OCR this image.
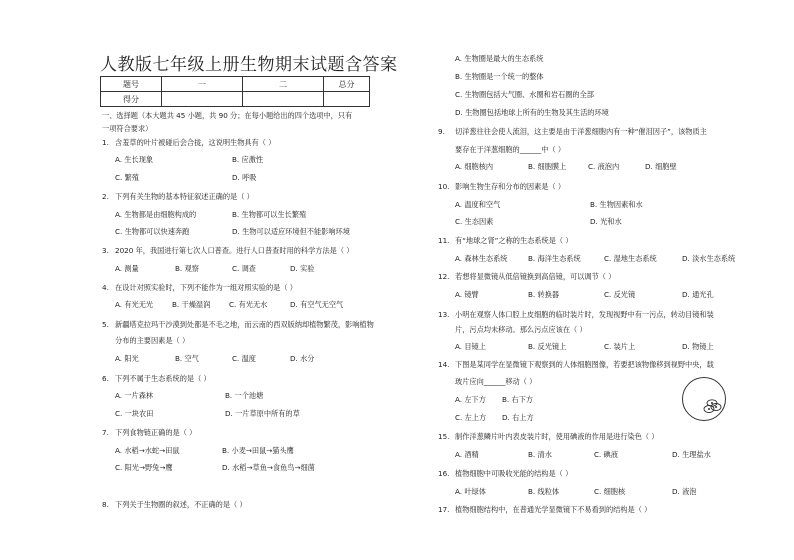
人教版七年级上册生物期末试题含答案
题号	一	二	总分
得分			
一、选择题（本大题共 45 小题，共 90 分；在每小题给出的四个选项中，只有
一项符合要求）
1. 含羞草的叶片被碰后会合拢，这说明生物具有（ ）
A. 生长现象	B. 应激性
C. 繁殖	D. 呼吸
2. 下列有关生物的基本特征叙述正确的是（ ）
A. 生物都是由细胞构成的	B. 生物都可以生长繁殖
C. 生物都可以快速奔跑	D. 生物可以适应环境但不能影响环境
3. 2020 年，我国进行第七次人口普查。进行人口普查时用的科学方法是（ ）
A. 测量	B. 观察	C. 调查	D. 实验
4. 在设计对照实验时，下列不能作为一组对照实验的是（ ）
A. 有光无光	B. 干燥湿润	C. 有光无水	D. 有空气无空气
5. 新疆塔克拉玛干沙漠到处都是不毛之地，而云南的西双版纳却植物繁茂，影响植物
分布的主要因素是（ ）
A. 阳光	B. 空气	C. 温度	D. 水分
6. 下列不属于生态系统的是（ ）
A. 一片森林	B. 一个池塘
C. 一块农田	D. 一片草原中所有的草
7. 下列食物链正确的是（ ）
A. 水稻→水蛇→田鼠	B. 小麦→田鼠→猫头鹰
C. 阳光→野兔→鹰	D. 水稻→草鱼→食鱼鸟→细菌
8. 下列关于生物圈的叙述，不正确的是（ ）
A. 生物圈是最大的生态系统
B. 生物圈是一个统一的整体
C. 生物圈包括大气圈、水圈和岩石圈的全部
D. 生物圈包括地球上所有的生物及其生活的环境
9. 切洋葱往往会使人流泪，这主要是由于洋葱细胞内有一种“催泪因子”，该物质主
要存在于洋葱细胞的______中（ ）
A. 细胞核内	B. 细胞膜上	C. 液泡内	D. 细胞壁
10. 影响生物生存和分布的因素是（ ）
A. 温度和空气	B. 生物因素和水
C. 生态因素	D. 光和水
11. 有“地球之肾”之称的生态系统是（ ）
A. 森林生态系统	B. 海洋生态系统	C. 湿地生态系统	D. 淡水生态系统
12. 若想将显微镜从低倍镜换到高倍镜，可以调节（ ）
A. 镜臂	B. 转换器	C. 反光镜	D. 通光孔
13. 小明在观察人体口腔上皮细胞的临时装片时，发现视野中有一污点，转动目镜和装
片，污点均未移动。那么污点应该在（ ）
A. 目镜上	B. 反光镜上	C. 装片上	D. 物镜上
14. 下图是某同学在显微镜下观察到的人体细胞图像，若要把该物像移到视野中央，载
玻片应向______移动（ ）
A. 左下方 B. 右下方
C. 左上方 D. 右上方
15. 制作洋葱鳞片叶内表皮装片时，使用碘液的作用是进行染色（ ）
A. 酒精	B. 清水	C. 碘液	D. 生理盐水
16. 植物细胞中可吸收光能的结构是（ ）
A. 叶绿体	B. 线粒体	C. 细胞核	D. 液泡
17. 植物细胞结构中，在普通光学显微镜下不易看到的结构是（ ）
